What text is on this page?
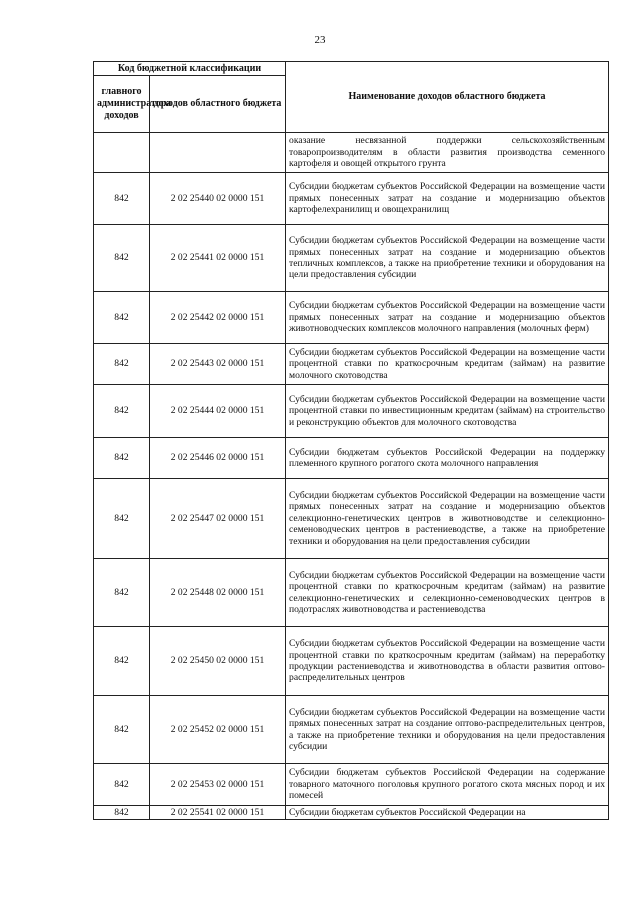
23
Код бюджетной классификации		Наименование доходов областного бюджета
главного администратора доходов	доходов областного бюджета	
		оказание несвязанной поддержки сельскохозяйственным товаропроизводителям в области развития производства семенного картофеля и овощей открытого грунта
842	2 02 25440 02 0000 151	Субсидии бюджетам субъектов Российской Федерации на возмещение части прямых понесенных затрат на создание и модернизацию объектов картофелехранилищ и овощехранилищ
842	2 02 25441 02 0000 151	Субсидии бюджетам субъектов Российской Федерации на возмещение части прямых понесенных затрат на создание и модернизацию объектов тепличных комплексов, а также на приобретение техники и оборудования на цели предоставления субсидии
842	2 02 25442 02 0000 151	Субсидии бюджетам субъектов Российской Федерации на возмещение части прямых понесенных затрат на создание и модернизацию объектов животноводческих комплексов молочного направления (молочных ферм)
842	2 02 25443 02 0000 151	Субсидии бюджетам субъектов Российской Федерации на возмещение части процентной ставки по краткосрочным кредитам (займам) на развитие молочного скотоводства
842	2 02 25444 02 0000 151	Субсидии бюджетам субъектов Российской Федерации на возмещение части процентной ставки по инвестиционным кредитам (займам) на строительство и реконструкцию объектов для молочного скотоводства
842	2 02 25446 02 0000 151	Субсидии бюджетам субъектов Российской Федерации на поддержку племенного крупного рогатого скота молочного направления
842	2 02 25447 02 0000 151	Субсидии бюджетам субъектов Российской Федерации на возмещение части прямых понесенных затрат на создание и модернизацию объектов селекционно-генетических центров в животноводстве и селекционно-семеноводческих центров в растениеводстве, а также на приобретение техники и оборудования на цели предоставления субсидии
842	2 02 25448 02 0000 151	Субсидии бюджетам субъектов Российской Федерации на возмещение части процентной ставки по краткосрочным кредитам (займам) на развитие селекционно-генетических и селекционно-семеноводческих центров в подотраслях животноводства и растениеводства
842	2 02 25450 02 0000 151	Субсидии бюджетам субъектов Российской Федерации на возмещение части процентной ставки по краткосрочным кредитам (займам) на переработку продукции растениеводства и животноводства в области развития оптово-распределительных центров
842	2 02 25452 02 0000 151	Субсидии бюджетам субъектов Российской Федерации на возмещение части прямых понесенных затрат на создание оптово-распределительных центров, а также на приобретение техники и оборудования на цели предоставления субсидии
842	2 02 25453 02 0000 151	Субсидии бюджетам субъектов Российской Федерации на содержание товарного маточного поголовья крупного рогатого скота мясных пород и их помесей
842	2 02 25541 02 0000 151	Субсидии бюджетам субъектов Российской Федерации на
